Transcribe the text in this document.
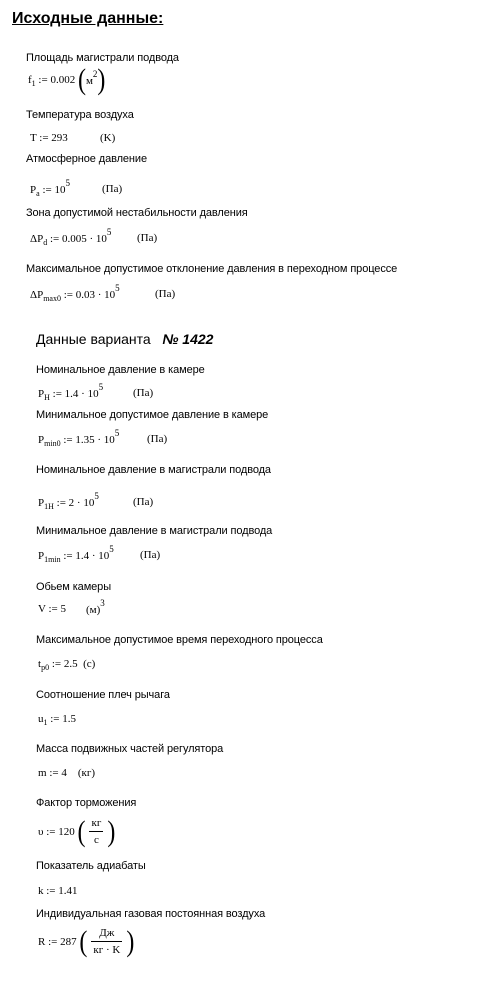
Исходные данные:
Площадь магистрали подвода
$f_1$ := 0.002 $(м^2)$
Температура воздуха
T := 293	(K)
Атмосферное давление
$P_a$ := $10^5$	(Па)
Зона допустимой нестабильности давления
$\Delta P_d$ := $0.005 \cdot 10^5$ (Па)
Максимальное допустимое отклонение давления в переходном процессе
$\Delta P_{max0}$ := $0.03 \cdot 10^5$	(Па)
Данные варианта № 1422
Номинальное давление в камере
$P_H$ := $1.4 \cdot 10^5$	(Па)
Минимальное допустимое давление в камере
$P_{min0}$ := $1.35 \cdot 10^5$	(Па)
Номинальное давление в магистрали подвода
$P_{1H}$ := $2 \cdot 10^5$	(Па)
Минимальное давление в магистрали подвода
$P_{1min}$ := $1.4 \cdot 10^5$ (Па)
Обьем камеры
V := 5 $(м)^3$
Максимальное допустимое время переходного процесса
$t_{p0}$ := 2.5 (c)
Соотношение плеч рычага
$u_1$ := 1.5
Масса подвижных частей регулятора
m := 4 (кг)
Фактор торможения
υ := 120 ( $\frac{кг}{c}$ )
Показатель адиабаты
k := 1.41
Индивидуальная газовая постоянная воздуха
R := 287 ( $\frac{Дж}{кг \cdot K}$ )
